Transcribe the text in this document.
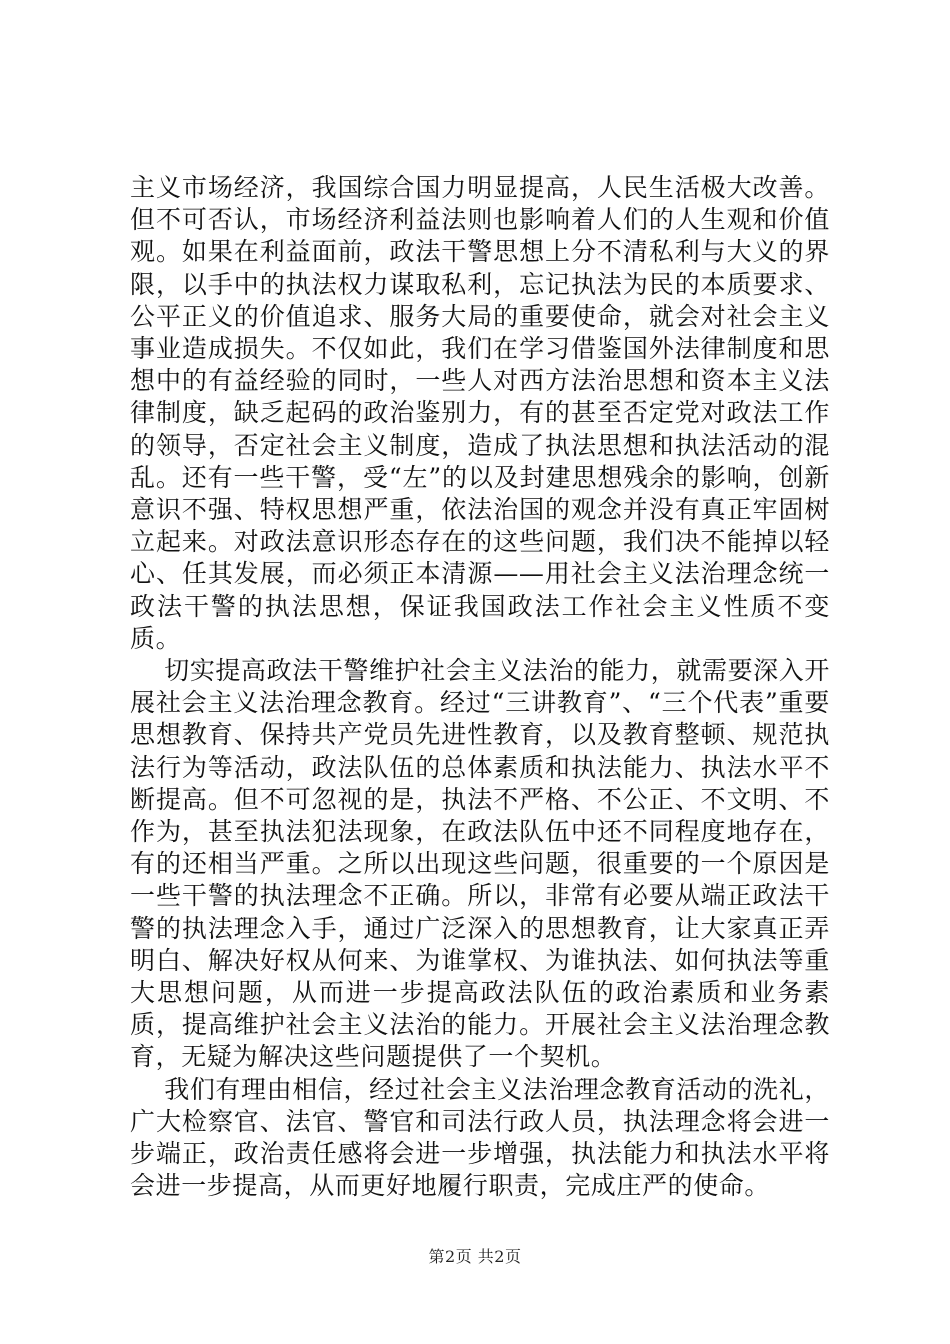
主义市场经济，我国综合国力明显提高，人民生活极大改善。但不可否认，市场经济利益法则也影响着人们的人生观和价值观。如果在利益面前，政法干警思想上分不清私利与大义的界限，以手中的执法权力谋取私利，忘记执法为民的本质要求、公平正义的价值追求、服务大局的重要使命，就会对社会主义事业造成损失。不仅如此，我们在学习借鉴国外法律制度和思想中的有益经验的同时，一些人对西方法治思想和资本主义法律制度，缺乏起码的政治鉴别力，有的甚至否定党对政法工作的领导，否定社会主义制度，造成了执法思想和执法活动的混乱。还有一些干警，受“左”的以及封建思想残余的影响，创新意识不强、特权思想严重，依法治国的观念并没有真正牢固树立起来。对政法意识形态存在的这些问题，我们决不能掉以轻心、任其发展，而必须正本清源——用社会主义法治理念统一政法干警的执法思想，保证我国政法工作社会主义性质不变质。

切实提高政法干警维护社会主义法治的能力，就需要深入开展社会主义法治理念教育。经过“三讲教育”、“三个代表”重要思想教育、保持共产党员先进性教育，以及教育整顿、规范执法行为等活动，政法队伍的总体素质和执法能力、执法水平不断提高。但不可忽视的是，执法不严格、不公正、不文明、不作为，甚至执法犯法现象，在政法队伍中还不同程度地存在，有的还相当严重。之所以出现这些问题，很重要的一个原因是一些干警的执法理念不正确。所以，非常有必要从端正政法干警的执法理念入手，通过广泛深入的思想教育，让大家真正弄明白、解决好权从何来、为谁掌权、为谁执法、如何执法等重大思想问题，从而进一步提高政法队伍的政治素质和业务素质，提高维护社会主义法治的能力。开展社会主义法治理念教育，无疑为解决这些问题提供了一个契机。

我们有理由相信，经过社会主义法治理念教育活动的洗礼，广大检察官、法官、警官和司法行政人员，执法理念将会进一步端正，政治责任感将会进一步增强，执法能力和执法水平将会进一步提高，从而更好地履行职责，完成庄严的使命。

第2页 共2页
